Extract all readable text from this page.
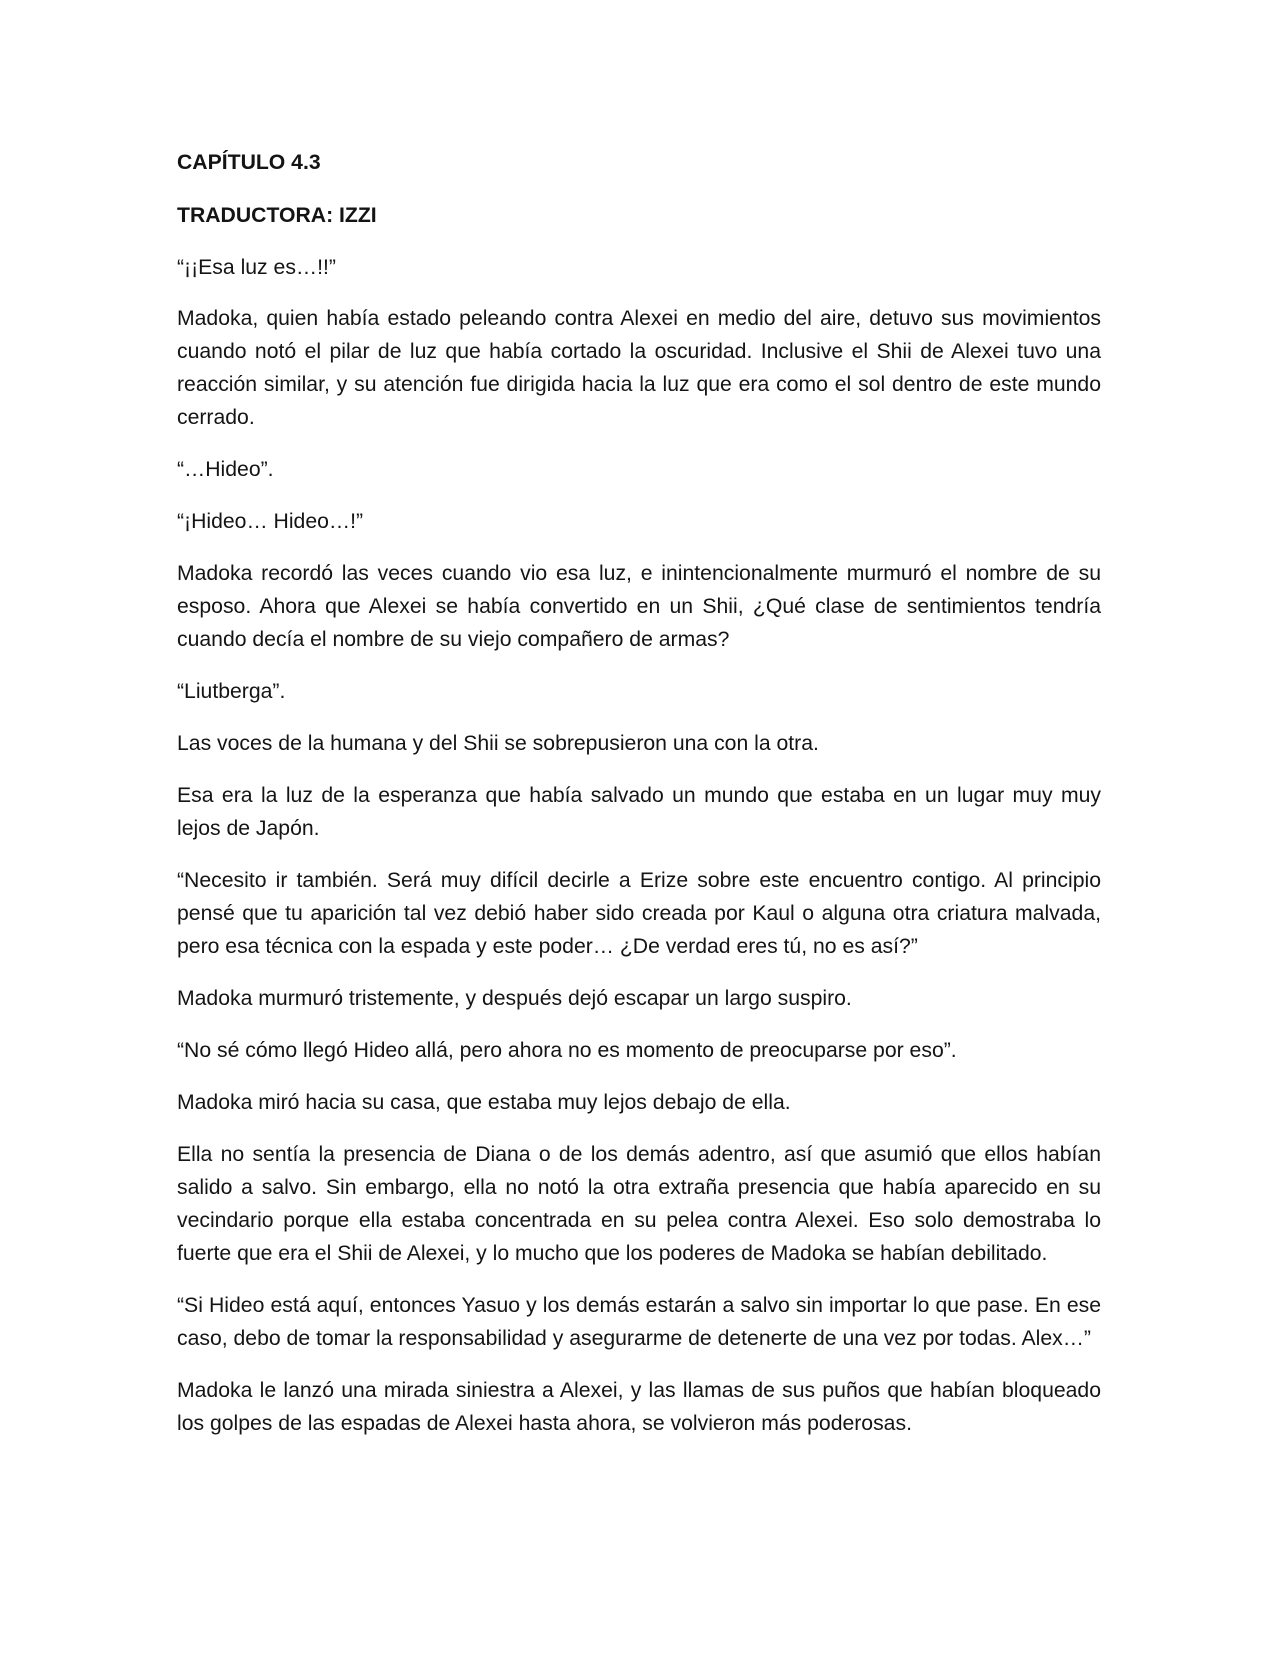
CAPÍTULO 4.3
TRADUCTORA: IZZI

“¡¡Esa luz es…!!”

Madoka, quien había estado peleando contra Alexei en medio del aire, detuvo sus movimientos cuando notó el pilar de luz que había cortado la oscuridad. Inclusive el Shii de Alexei tuvo una reacción similar, y su atención fue dirigida hacia la luz que era como el sol dentro de este mundo cerrado.

“…Hideo”.

“¡Hideo… Hideo…!”

Madoka recordó las veces cuando vio esa luz, e inintencionalmente murmuró el nombre de su esposo. Ahora que Alexei se había convertido en un Shii, ¿Qué clase de sentimientos tendría cuando decía el nombre de su viejo compañero de armas?

“Liutberga”.

Las voces de la humana y del Shii se sobrepusieron una con la otra.

Esa era la luz de la esperanza que había salvado un mundo que estaba en un lugar muy muy lejos de Japón.

“Necesito ir también. Será muy difícil decirle a Erize sobre este encuentro contigo. Al principio pensé que tu aparición tal vez debió haber sido creada por Kaul o alguna otra criatura malvada, pero esa técnica con la espada y este poder… ¿De verdad eres tú, no es así?”

Madoka murmuró tristemente, y después dejó escapar un largo suspiro.

“No sé cómo llegó Hideo allá, pero ahora no es momento de preocuparse por eso”.

Madoka miró hacia su casa, que estaba muy lejos debajo de ella.

Ella no sentía la presencia de Diana o de los demás adentro, así que asumió que ellos habían salido a salvo. Sin embargo, ella no notó la otra extraña presencia que había aparecido en su vecindario porque ella estaba concentrada en su pelea contra Alexei. Eso solo demostraba lo fuerte que era el Shii de Alexei, y lo mucho que los poderes de Madoka se habían debilitado.

“Si Hideo está aquí, entonces Yasuo y los demás estarán a salvo sin importar lo que pase. En ese caso, debo de tomar la responsabilidad y asegurarme de detenerte de una vez por todas. Alex…”

Madoka le lanzó una mirada siniestra a Alexei, y las llamas de sus puños que habían bloqueado los golpes de las espadas de Alexei hasta ahora, se volvieron más poderosas.
